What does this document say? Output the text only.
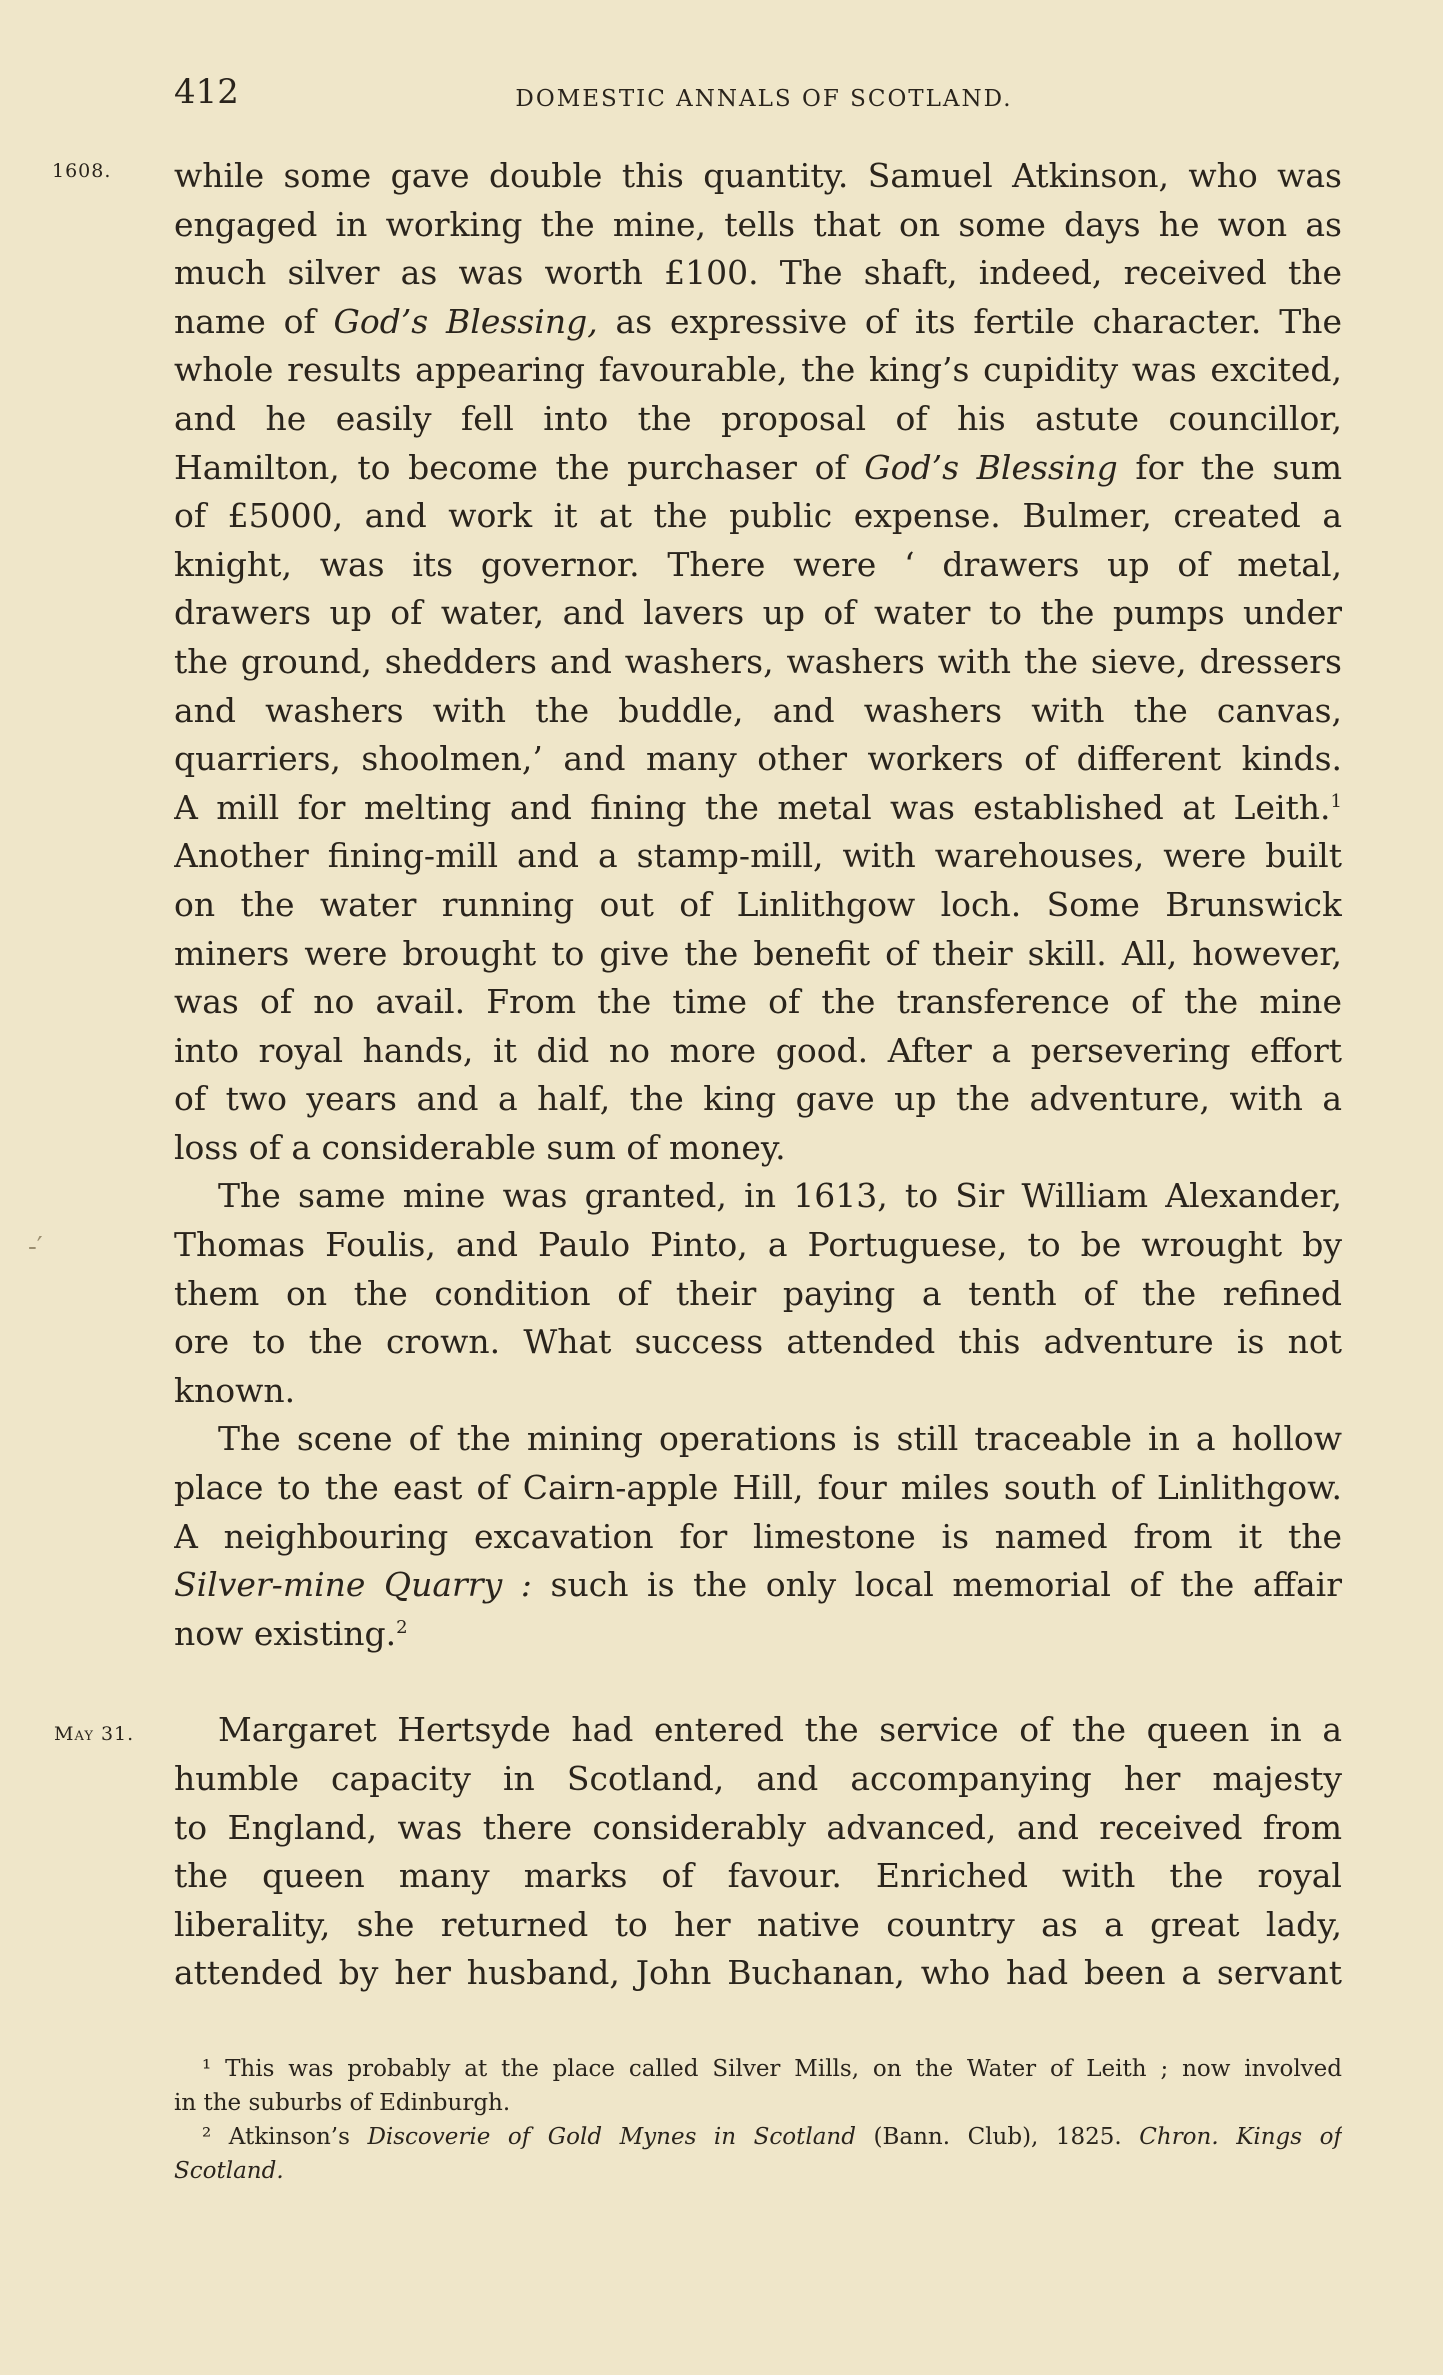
412	DOMESTIC ANNALS OF SCOTLAND.
1608.
May 31.
-′
while some gave double this quantity. Samuel Atkinson, who was
engaged in working the mine, tells that on some days he won as
much silver as was worth £100. The shaft, indeed, received the
name of God’s Blessing, as expressive of its fertile character. The
whole results appearing favourable, the king’s cupidity was excited,
and he easily fell into the proposal of his astute councillor,
Hamilton, to become the purchaser of God’s Blessing for the sum
of £5000, and work it at the public expense. Bulmer, created a
knight, was its governor. There were ‘ drawers up of metal,
drawers up of water, and lavers up of water to the pumps under
the ground, shedders and washers, washers with the sieve, dressers
and washers with the buddle, and washers with the canvas,
quarriers, shoolmen,’ and many other workers of different kinds.
A mill for melting and fining the metal was established at Leith.$^1$
Another fining-mill and a stamp-mill, with warehouses, were built
on the water running out of Linlithgow loch. Some Brunswick
miners were brought to give the benefit of their skill. All, however,
was of no avail. From the time of the transference of the mine
into royal hands, it did no more good. After a persevering effort
of two years and a half, the king gave up the adventure, with a
loss of a considerable sum of money.
The same mine was granted, in 1613, to Sir William Alexander,
Thomas Foulis, and Paulo Pinto, a Portuguese, to be wrought by
them on the condition of their paying a tenth of the refined
ore to the crown. What success attended this adventure is not
known.
The scene of the mining operations is still traceable in a hollow
place to the east of Cairn-apple Hill, four miles south of Linlithgow.
A neighbouring excavation for limestone is named from it the
Silver-mine Quarry : such is the only local memorial of the affair
now existing.$^2$
Margaret Hertsyde had entered the service of the queen in a
humble capacity in Scotland, and accompanying her majesty
to England, was there considerably advanced, and received from
the queen many marks of favour. Enriched with the royal
liberality, she returned to her native country as a great lady,
attended by her husband, John Buchanan, who had been a servant
¹ This was probably at the place called Silver Mills, on the Water of Leith ; now involved
in the suburbs of Edinburgh.
² Atkinson’s Discoverie of Gold Mynes in Scotland (Bann. Club), 1825. Chron. Kings of
Scotland.
